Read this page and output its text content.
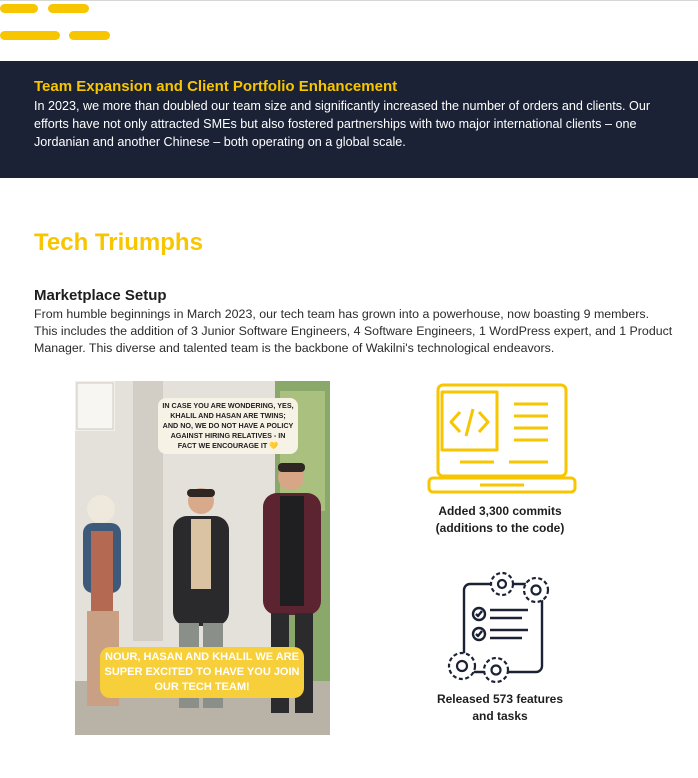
Team Expansion and Client Portfolio Enhancement
In 2023, we more than doubled our team size and significantly increased the number of orders and clients. Our efforts have not only attracted SMEs but also fostered partnerships with two major international clients – one Jordanian and another Chinese – both operating on a global scale.
Tech Triumphs
Marketplace Setup
From humble beginnings in March 2023, our tech team has grown into a powerhouse, now boasting 9 members. This includes the addition of 3 Junior Software Engineers, 4 Software Engineers, 1 WordPress expert, and 1 Product Manager. This diverse and talented team is the backbone of Wakilni's technological endeavors.
IN CASE YOU ARE WONDERING, YES, KHALIL AND HASAN ARE TWINS; AND NO, WE DO NOT HAVE A POLICY AGAINST HIRING RELATIVES - IN FACT WE ENCOURAGE IT 💛
NOUR, HASAN AND KHALIL WE ARE SUPER EXCITED TO HAVE YOU JOIN OUR TECH TEAM!
Added 3,300 commits
(additions to the code)
Released 573 features
and tasks
